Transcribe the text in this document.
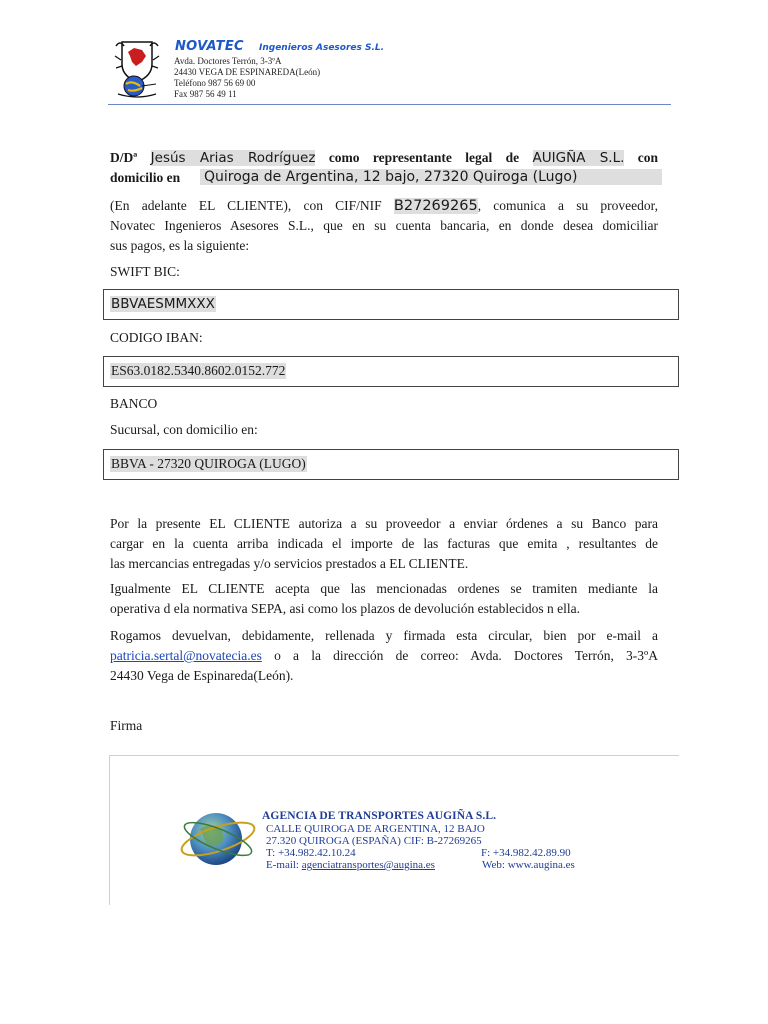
NOVATEC Ingenieros Asesores S.L.
Avda. Doctores Terrón, 3-3ºA
24430 VEGA DE ESPINAREDA(León)
Teléfono 987 56 69 00
Fax 987 56 49 11
D/Dª Jesús Arias Rodríguez como representante legal de AUIGÑA S.L. con
domicilio en Quiroga de Argentina, 12 bajo, 27320 Quiroga (Lugo)
(En adelante EL CLIENTE), con CIF/NIF B27269265, comunica a su proveedor,
Novatec Ingenieros Asesores S.L., que en su cuenta bancaria, en donde desea domiciliar
sus pagos, es la siguiente:
SWIFT BIC:
BBVAESMMXXX
CODIGO IBAN:
ES63.0182.5340.8602.0152.772
BANCO
Sucursal, con domicilio en:
BBVA - 27320 QUIROGA (LUGO)
Por la presente EL CLIENTE autoriza a su proveedor a enviar órdenes a su Banco para
cargar en la cuenta arriba indicada el importe de las facturas que emita , resultantes de
las mercancias entregadas y/o servicios prestados a EL CLIENTE.
Igualmente EL CLIENTE acepta que las mencionadas ordenes se tramiten mediante la
operativa d ela normativa SEPA, asi como los plazos de devolución establecidos n ella.
Rogamos devuelvan, debidamente, rellenada y firmada esta circular, bien por e-mail a
patricia.sertal@novatecia.es o a la dirección de correo: Avda. Doctores Terrón, 3-3ºA
24430 Vega de Espinareda(León).
Firma
AGENCIA DE TRANSPORTES AUGIÑA S.L.
CALLE QUIROGA DE ARGENTINA, 12 BAJO
27.320 QUIROGA (ESPAÑA) CIF: B-27269265
T: +34.982.42.10.24	F: +34.982.42.89.90
E-mail: agenciatransportes@augina.es	Web: www.augina.es
